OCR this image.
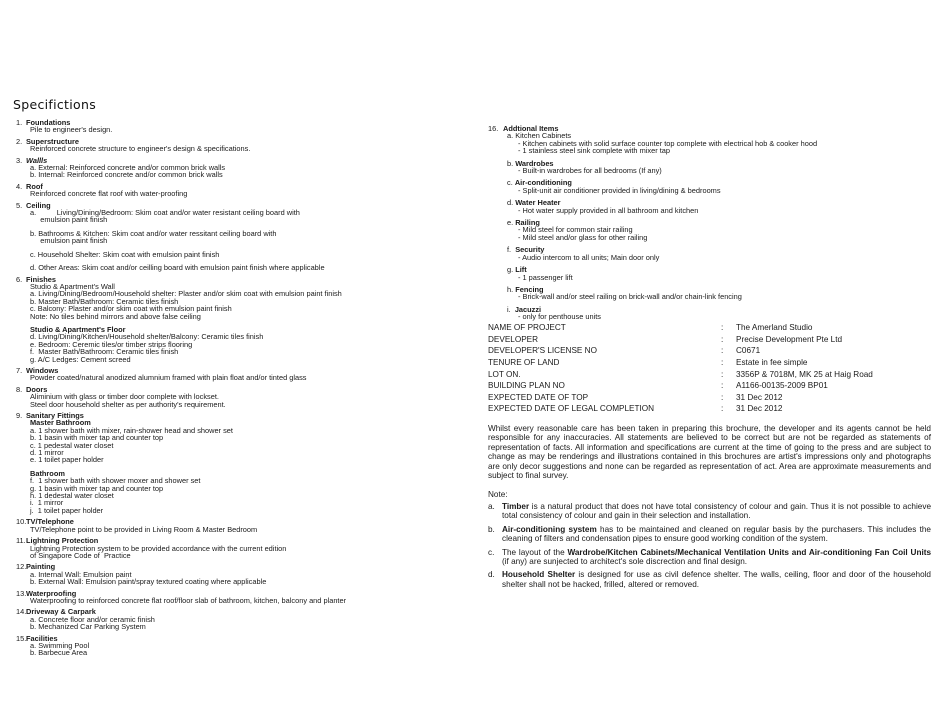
Specifictions
1. Foundations
Pile to engineer's design.
2. Superstructure
Reinforced concrete structure to engineer's design & specifications.
3. Wallls
a. External: Reinforced concrete and/or common brick walls
b. Internal: Reinforced concrete and/or common brick walls
4. Roof
Reinforced concrete flat roof with water-proofing
5. Ceiling
a.          Living/Dining/Bedroom: Skim coat and/or water resistant ceiling board with
emulsion paint finish
b. Bathrooms & Kitchen: Skim coat and/or water ressitant ceiling board with
emulsion paint finish
c. Household Shelter: Skim coat with emulsion paint finish
d. Other Areas: Skim coat and/or ceilling board with emulsion paint finish where applicable
6. Finishes
Studio & Apartment's Wall
a. Living/Dining/Bedroom/Household shelter: Plaster and/or skim coat with emulsion paint finish
b. Master Bath/Bathroom: Ceramic tiles finish
c. Balcony: Plaster and/or skim coat with emulsion paint finish
Note: No tiles behind mirrors and above false ceiling
Studio & Apartment's Floor
d. Living/Dining/Kitchen/Household shelter/Balcony: Ceramic tiles finish
e. Bedroom: Ceremic tiles/or timber strips flooring
f.  Master Bath/Bathroom: Ceramic tiles finish
g. A/C Ledges: Cement screed
7. Windows
Powder coated/natural anodized alumnium framed with plain float and/or tinted glass
8. Doors
Aliminium with glass or timber door complete with lockset.
Steel door household shelter as per authority's requirement.
9. Sanitary Fittings
Master Bathroom
a. 1 shower bath with mixer, rain-shower head and shower set
b. 1 basin with mixer tap and counter top
c. 1 pedestal water closet
d. 1 mirror
e. 1 toilet paper holder
Bathroom
f.  1 shower bath with shower moxer and shower set
g. 1 basin with mixer tap and counter top
h. 1 dedestal water closet
i.  1 mirror
j.  1 toilet paper holder
10. TV/Telephone
TV/Telephone point to be provided in Living Room & Master Bedroom
11. Lightning Protection
Lightning Protection system to be provided accordance with the current edition
of Singapore Code of  Practice
12. Painting
a. Internal Wall: Emulsion paint
b. External Wall: Emulsion paint/spray textured coating where applicable
13. Waterproofing
Waterproofing to reinforced concrete flat roof/floor slab of bathroom, kitchen, balcony and planter
14. Driveway & Carpark
a. Concrete floor and/or ceramic finish
b. Mechanized Car Parking System
15. Facilities
a. Swimming Pool
b. Barbecue Area
16. Addtional Items
a. Kitchen Cabinets
- Kitchen cabinets with solid surface counter top complete with electrical hob & cooker hood
- 1 stainless steel sink complete with mixer tap
b. Wardrobes
- Built-in wardrobes for all bedrooms (If any)
c. Air-conditioning
- Split-unit air conditioner provided in living/dining & bedrooms
d. Water Heater
- Hot water supply provided in all bathroom and kitchen
e. Railing
- Mild steel for common stair railing
- Mild steel and/or glass for other railing
f.  Security
- Audio intercom to all units; Main door only
g. Lift
- 1 passenger lift
h. Fencing
- Brick-wall and/or steel railing on brick-wall and/or chain-link fencing
i.  Jacuzzi
- only for penthouse units
NAME OF PROJECT	:	The Amerland Studio
DEVELOPER	:	Precise Development Pte Ltd
DEVELOPER'S LICENSE NO	:	C0671
TENURE OF LAND	:	Estate in fee simple
LOT ON.	:	3356P & 7018M, MK 25 at Haig Road
BUILDING PLAN NO	:	A1166-00135-2009 BP01
EXPECTED DATE OF TOP	:	31 Dec 2012
EXPECTED DATE OF LEGAL COMPLETION	:	31 Dec 2012
Whilst every reasonable care has been taken in preparing this brochure, the developer and its agents cannot be held responsible for any inaccuracies. All statements are believed to be correct but are not be regarded as statements of representation of facts. All information and specifications are current at the time of going to the press and are subject to change as may be renderings and illustrations contained in this brochures are artist's impressions only and photographs are only decor suggestions and none can be regarded as representation of act. Area are approximate measurements and subject to final survey.
Note:
a. Timber is a natural product that does not have total consistency of colour and gain. Thus it is not possible to achieve total consistency of colour and gain in their selection and installation.
b. Air-conditioning system has to be maintained and cleaned on regular basis by the purchasers. This includes the cleaning of filters and condensation pipes to ensure good working condition of the system.
c. The layout of the Wardrobe/Kitchen Cabinets/Mechanical Ventilation Units and Air-conditioning Fan Coil Units (if any) are sunjected to architect's sole discrection and final design.
d. Household Shelter is designed for use as civil defence shelter. The walls, ceiling, floor and door of the household shelter shall not be hacked, frilled, altered or removed.
